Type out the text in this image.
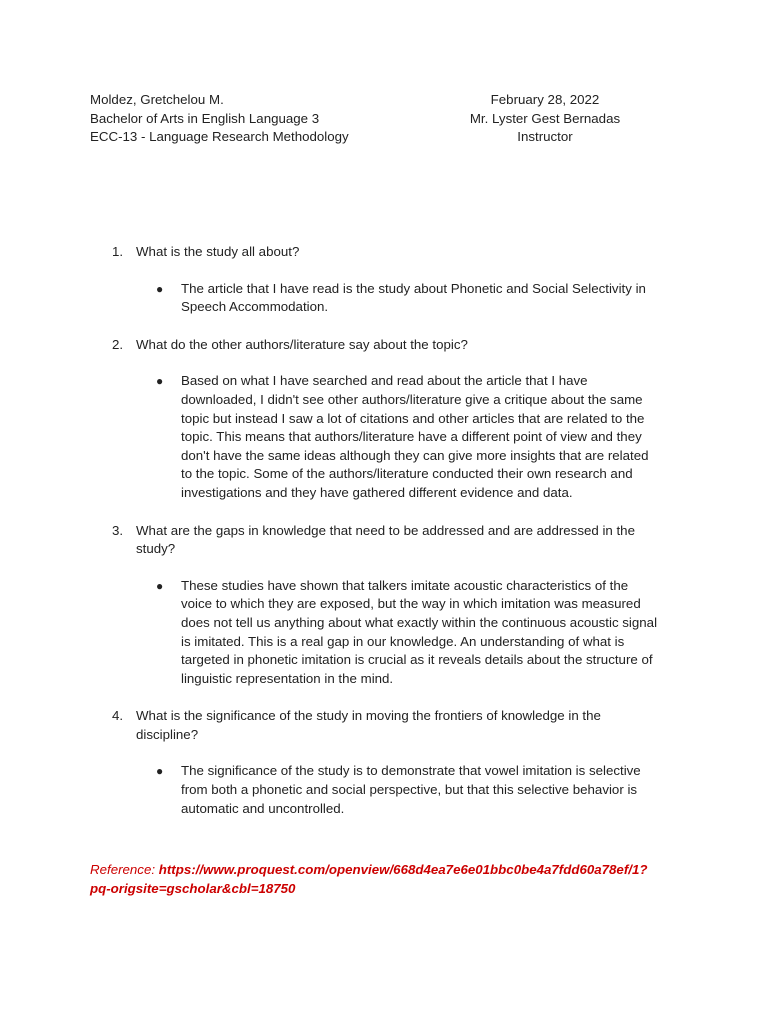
Moldez, Gretchelou M.
Bachelor of Arts in English Language 3
ECC-13 - Language Research Methodology
February 28, 2022
Mr. Lyster Gest Bernadas
Instructor
1. What is the study all about?
● The article that I have read is the study about Phonetic and Social Selectivity in
Speech Accommodation.
2. What do the other authors/literature say about the topic?
● Based on what I have searched and read about the article that I have
downloaded, I didn't see other authors/literature give a critique about the same
topic but instead I saw a lot of citations and other articles that are related to the
topic. This means that authors/literature have a different point of view and they
don't have the same ideas although they can give more insights that are related
to the topic. Some of the authors/literature conducted their own research and
investigations and they have gathered different evidence and data.
3. What are the gaps in knowledge that need to be addressed and are addressed in the
study?
● These studies have shown that talkers imitate acoustic characteristics of the
voice to which they are exposed, but the way in which imitation was measured
does not tell us anything about what exactly within the continuous acoustic signal
is imitated. This is a real gap in our knowledge. An understanding of what is
targeted in phonetic imitation is crucial as it reveals details about the structure of
linguistic representation in the mind.
4. What is the significance of the study in moving the frontiers of knowledge in the
discipline?
● The significance of the study is to demonstrate that vowel imitation is selective
from both a phonetic and social perspective, but that this selective behavior is
automatic and uncontrolled.
Reference: https://www.proquest.com/openview/668d4ea7e6e01bbc0be4a7fdd60a78ef/1?
pq-origsite=gscholar&cbl=18750
